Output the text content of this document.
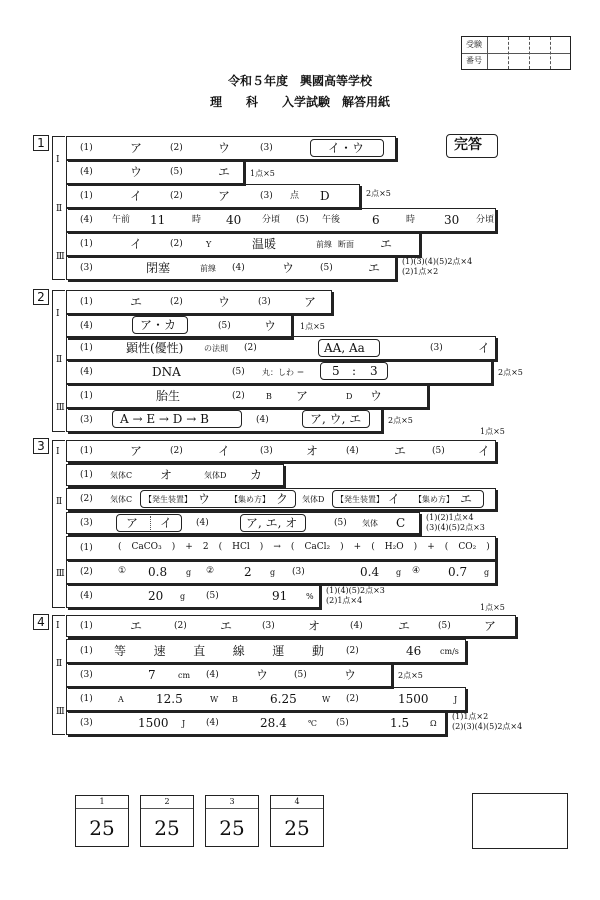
受験
番号
令和５年度　興國高等学校
理　　科　　入学試験　解答用紙
1
Ⅰ
Ⅱ
Ⅲ
(1)	ア	(2)	ウ	(3)	イ・ウ	完答
(4)	ウ	(5)	エ 1点×5
(1)	イ	(2)	ア	(3) 点 D	2点×5
(4) 午前 11	時 40 分頃 (5) 午後	6	時 30 分頃
(1)	イ	(2)	Y	温暖	前線 断面 エ
(3)	閉塞	前線 (4)	ウ	(5)	エ	(1)(3)(4)(5)2点×4
(2)1点×2
2
Ⅰ
Ⅱ
Ⅲ
(1)	エ	(2)	ウ	(3)	ア
(4)	ア・カ	(5)	ウ	1点×5
(1)	顕性(優性)	の法則 (2)	AA, Aa	(3)	イ
(4)	DNA	(5) 丸：しわ ＝ 5 : 3	2点×5
(1)	胎生	(2)	B ア	D ウ
(3) A → E → D → B	(4)	ア, ウ, エ	2点×5
1点×5
3	Ⅰ
Ⅱ
Ⅲ
(1)	ア	(2)	イ	(3)	オ	(4)	エ	(5)	イ
(1) 気体C オ	気体D カ
(2) 気体C 【発生装置】 ウ 【集め方】 ク 気体D 【発生装置】 イ 【集め方】 エ
(3)	ア イ	(4)	ア, エ, オ	(5) 気体 C	(1)(2)1点×4
(3)(4)(5)2点×3
(1)	( CaCO₃ ) + 2 ( HCl ) → ( CaCl₂ ) + ( H₂O ) + ( CO₂ )
(2)	① 0.8 g ② 2 g (3)	0.4 g ④ 0.7 g
(4)	20 g (5)	91 %
(1)(4)(5)2点×3
(2)1点×4
1点×5
4	Ⅰ
Ⅱ
Ⅲ
(1)	エ	(2)	エ	(3)	オ	(4)	エ	(5)	ア
(1) 等 速 直 線 運 動 (2)	46 cm/s
(3)	7	cm (4)	ウ	(5)	ウ	2点×5
(1)	A	12.5	W B	6.25	W (2)	1500	J
(3)	1500 J (4)	28.4	℃ (5)	1.5	Ω
(1)1点×2
(2)(3)(4)(5)2点×4
1
25
2
25
3
25
4
25
